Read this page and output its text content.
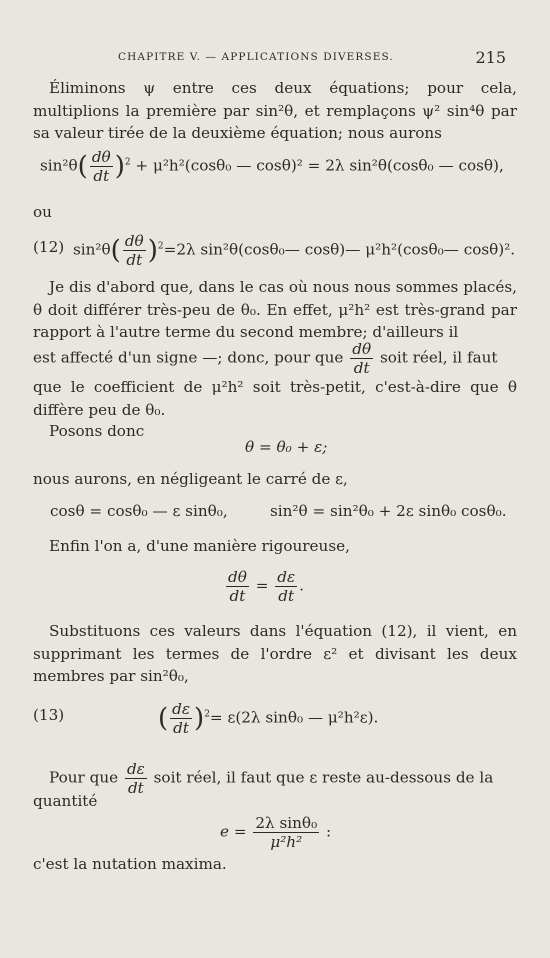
CHAPITRE V. — APPLICATIONS DIVERSES.	215

Éliminons ψ entre ces deux équations; pour cela, multiplions la première par sin²θ, et remplaçons ψ² sin⁴θ par sa valeur tirée de la deuxième équation; nous aurons

$\sin^2\theta( \frac{d\theta}{dt} )^2 + \mu^2h^2(\cos\theta_0$ — cosθ)² = 2λ sin²θ(cosθ₀ — cosθ),
ou
(12) $\sin^2\theta( \frac{d\theta}{dt} )^2=2\lambda$ sin²θ(cosθ₀— cosθ)— μ²h²(cosθ₀— cosθ)².

Je dis d'abord que, dans le cas où nous nous sommes placés, θ doit différer très-peu de θ₀. En effet, μ²h² est très-grand par rapport à l'autre terme du second membre; d'ailleurs il

est affecté d'un signe —; donc, pour que $\frac{d\theta}{dt}$ soit réel, il faut

que le coefficient de μ²h² soit très-petit, c'est-à-dire que θ diffère peu de θ₀.

Posons donc
θ = θ₀ + ε;
nous aurons, en négligeant le carré de ε,
cosθ = cosθ₀ — ε sinθ₀,	sin²θ = sin²θ₀ + 2ε sinθ₀ cosθ₀.
Enfin l'on a, d'une manière rigoureuse,
$\frac{d\theta}{dt} = \frac{d\varepsilon}{dt}$ .

Substituons ces valeurs dans l'équation (12), il vient, en supprimant les termes de l'ordre ε² et divisant les deux membres par sin²θ₀,

(13)	( $\frac{d\varepsilon}{dt} )^2= \varepsilon(2\lambda$ sinθ₀ — μ²h²ε).
Pour que $\frac{d\varepsilon}{dt}$ soit réel, il faut que ε reste au-dessous de la
quantité
$e = \frac{\text{2λ sinθ₀}}{\text{μ²h²}}$ :
c'est la nutation maxima.
